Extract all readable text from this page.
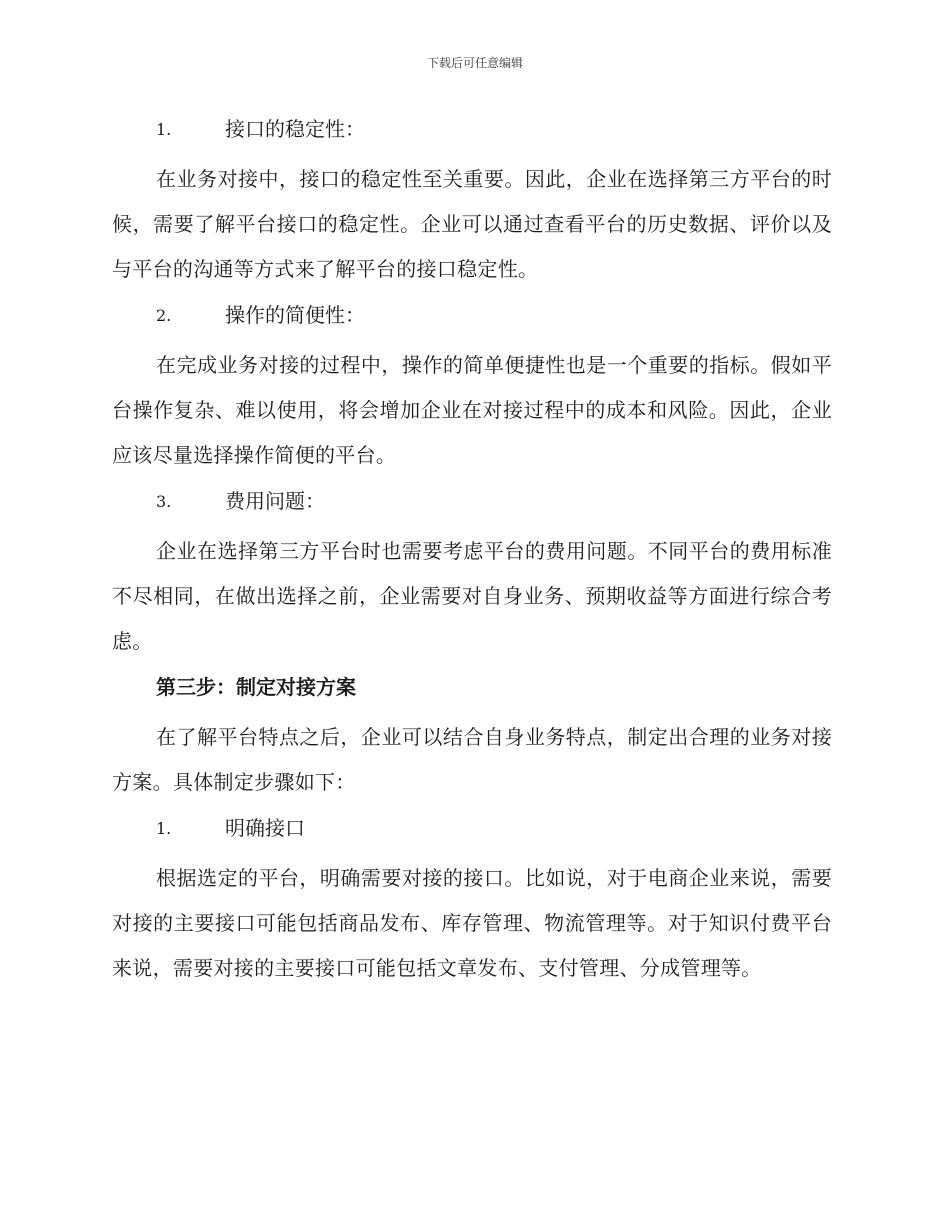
下载后可任意编辑
1.	接口的稳定性：

在业务对接中，接口的稳定性至关重要。因此，企业在选择第三方平台的时候，需要了解平台接口的稳定性。企业可以通过查看平台的历史数据、评价以及与平台的沟通等方式来了解平台的接口稳定性。

2.	操作的简便性：

在完成业务对接的过程中，操作的简单便捷性也是一个重要的指标。假如平台操作复杂、难以使用，将会增加企业在对接过程中的成本和风险。因此，企业应该尽量选择操作简便的平台。

3.	费用问题：

企业在选择第三方平台时也需要考虑平台的费用问题。不同平台的费用标准不尽相同，在做出选择之前，企业需要对自身业务、预期收益等方面进行综合考虑。

第三步：制定对接方案

在了解平台特点之后，企业可以结合自身业务特点，制定出合理的业务对接方案。具体制定步骤如下：

1.	明确接口

根据选定的平台，明确需要对接的接口。比如说，对于电商企业来说，需要对接的主要接口可能包括商品发布、库存管理、物流管理等。对于知识付费平台来说，需要对接的主要接口可能包括文章发布、支付管理、分成管理等。
